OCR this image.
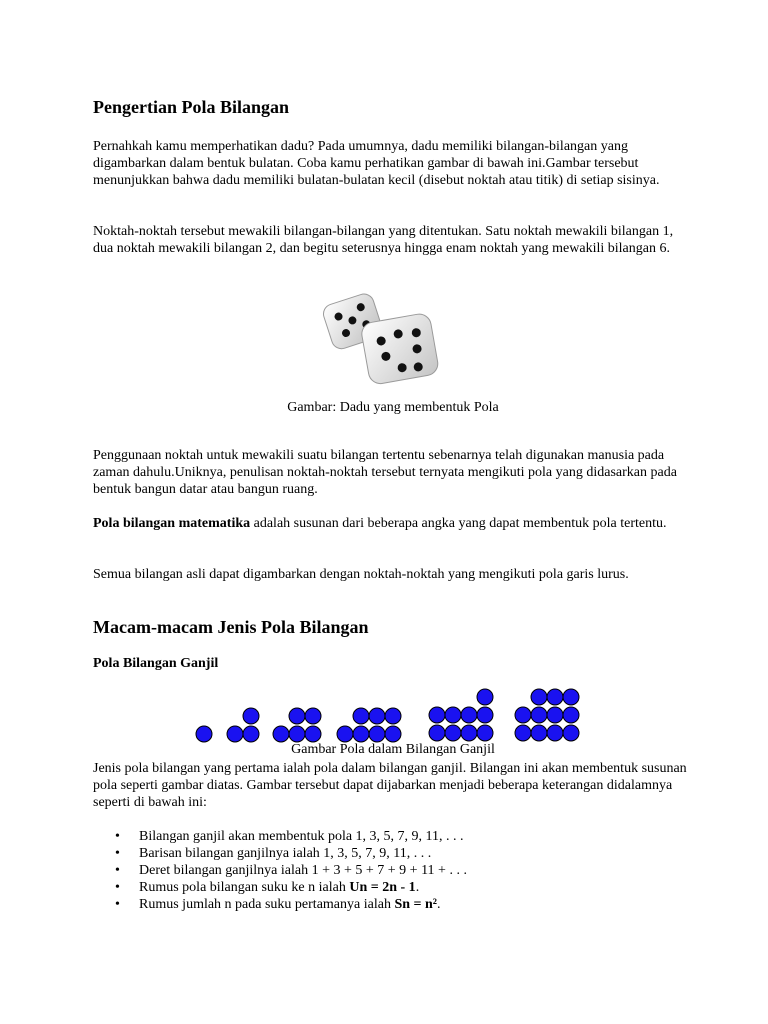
Pengertian Pola Bilangan

Pernahkah kamu memperhatikan dadu? Pada umumnya, dadu memiliki bilangan-bilangan yang digambarkan dalam bentuk bulatan. Coba kamu perhatikan gambar di bawah ini.Gambar tersebut menunjukkan bahwa dadu memiliki bulatan-bulatan kecil (disebut noktah atau titik) di setiap sisinya.

Noktah-noktah tersebut mewakili bilangan-bilangan yang ditentukan. Satu noktah mewakili bilangan 1, dua noktah mewakili bilangan 2, dan begitu seterusnya hingga enam noktah yang mewakili bilangan 6.

Gambar: Dadu yang membentuk Pola

Penggunaan noktah untuk mewakili suatu bilangan tertentu sebenarnya telah digunakan manusia pada zaman dahulu.Uniknya, penulisan noktah-noktah tersebut ternyata mengikuti pola yang didasarkan pada bentuk bangun datar atau bangun ruang.

Pola bilangan matematika adalah susunan dari beberapa angka yang dapat membentuk pola tertentu.

Semua bilangan asli dapat digambarkan dengan noktah-noktah yang mengikuti pola garis lurus.

Macam-macam Jenis Pola Bilangan
Pola Bilangan Ganjil
Gambar Pola dalam Bilangan Ganjil

Jenis pola bilangan yang pertama ialah pola dalam bilangan ganjil. Bilangan ini akan membentuk susunan pola seperti gambar diatas. Gambar tersebut dapat dijabarkan menjadi beberapa keterangan didalamnya seperti di bawah ini:

• Bilangan ganjil akan membentuk pola 1, 3, 5, 7, 9, 11, . . .
• Barisan bilangan ganjilnya ialah 1, 3, 5, 7, 9, 11, . . .
• Deret bilangan ganjilnya ialah 1 + 3 + 5 + 7 + 9 + 11 + . . .
• Rumus pola bilangan suku ke n ialah Un = 2n - 1.
• Rumus jumlah n pada suku pertamanya ialah Sn = n².
